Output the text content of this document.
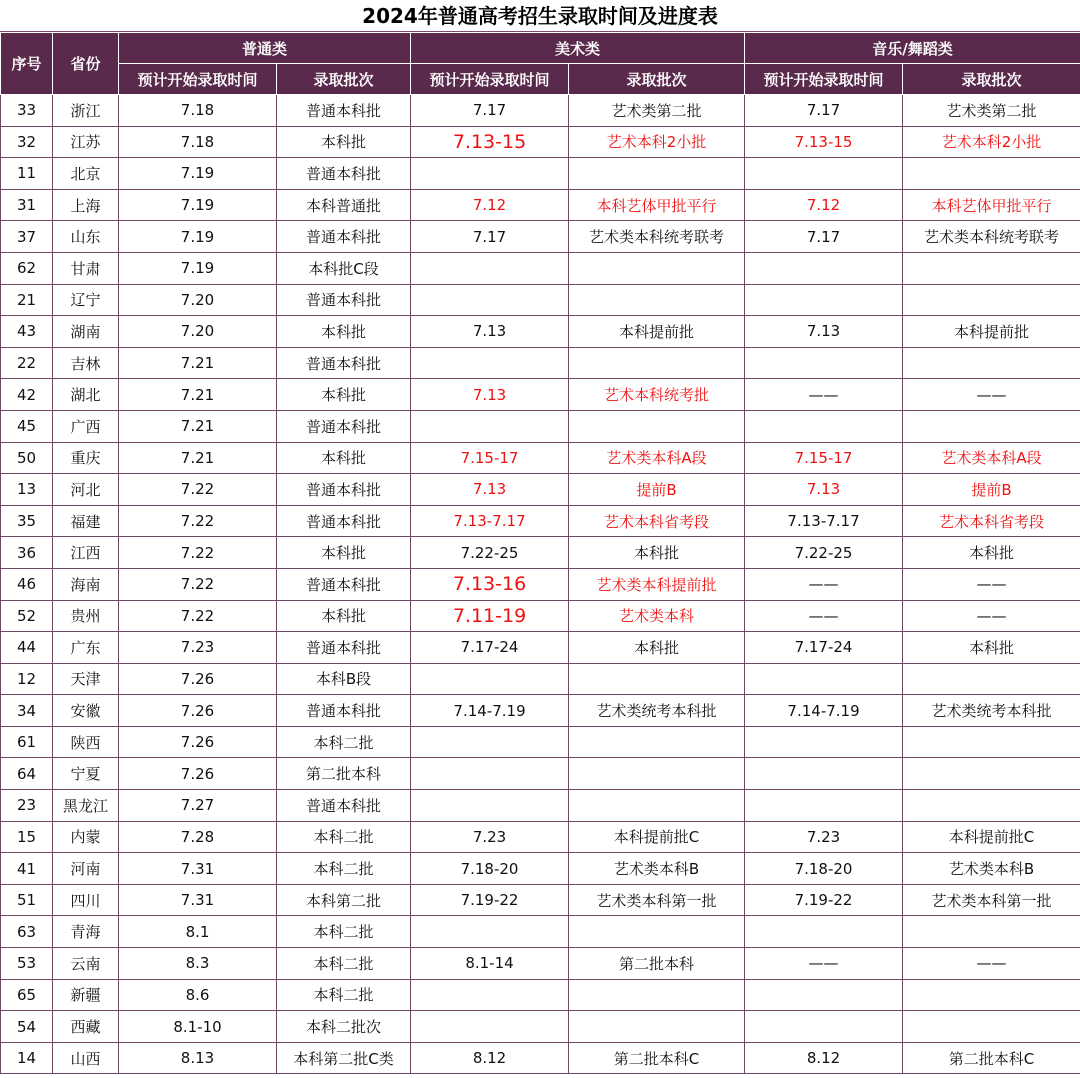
2024年普通高考招生录取时间及进度表
序号	省份	普通类		美术类		音乐/舞蹈类	
		预计开始录取时间	录取批次	预计开始录取时间	录取批次	预计开始录取时间	录取批次
33	浙江	7.18	普通本科批	7.17	艺术类第二批	7.17	艺术类第二批
32	江苏	7.18	本科批	7.13-15	艺术本科2小批	7.13-15	艺术本科2小批
11	北京	7.19	普通本科批				
31	上海	7.19	本科普通批	7.12	本科艺体甲批平行	7.12	本科艺体甲批平行
37	山东	7.19	普通本科批	7.17	艺术类本科统考联考	7.17	艺术类本科统考联考
62	甘肃	7.19	本科批C段				
21	辽宁	7.20	普通本科批				
43	湖南	7.20	本科批	7.13	本科提前批	7.13	本科提前批
22	吉林	7.21	普通本科批				
42	湖北	7.21	本科批	7.13	艺术本科统考批	——	——
45	广西	7.21	普通本科批				
50	重庆	7.21	本科批	7.15-17	艺术类本科A段	7.15-17	艺术类本科A段
13	河北	7.22	普通本科批	7.13	提前B	7.13	提前B
35	福建	7.22	普通本科批	7.13-7.17	艺术本科省考段	7.13-7.17	艺术本科省考段
36	江西	7.22	本科批	7.22-25	本科批	7.22-25	本科批
46	海南	7.22	普通本科批	7.13-16	艺术类本科提前批	——	——
52	贵州	7.22	本科批	7.11-19	艺术类本科	——	——
44	广东	7.23	普通本科批	7.17-24	本科批	7.17-24	本科批
12	天津	7.26	本科B段				
34	安徽	7.26	普通本科批	7.14-7.19	艺术类统考本科批	7.14-7.19	艺术类统考本科批
61	陕西	7.26	本科二批				
64	宁夏	7.26	第二批本科				
23	黑龙江	7.27	普通本科批				
15	内蒙	7.28	本科二批	7.23	本科提前批C	7.23	本科提前批C
41	河南	7.31	本科二批	7.18-20	艺术类本科B	7.18-20	艺术类本科B
51	四川	7.31	本科第二批	7.19-22	艺术类本科第一批	7.19-22	艺术类本科第一批
63	青海	8.1	本科二批				
53	云南	8.3	本科二批	8.1-14	第二批本科	——	——
65	新疆	8.6	本科二批				
54	西藏	8.1-10	本科二批次				
14	山西	8.13	本科第二批C类	8.12	第二批本科C	8.12	第二批本科C
